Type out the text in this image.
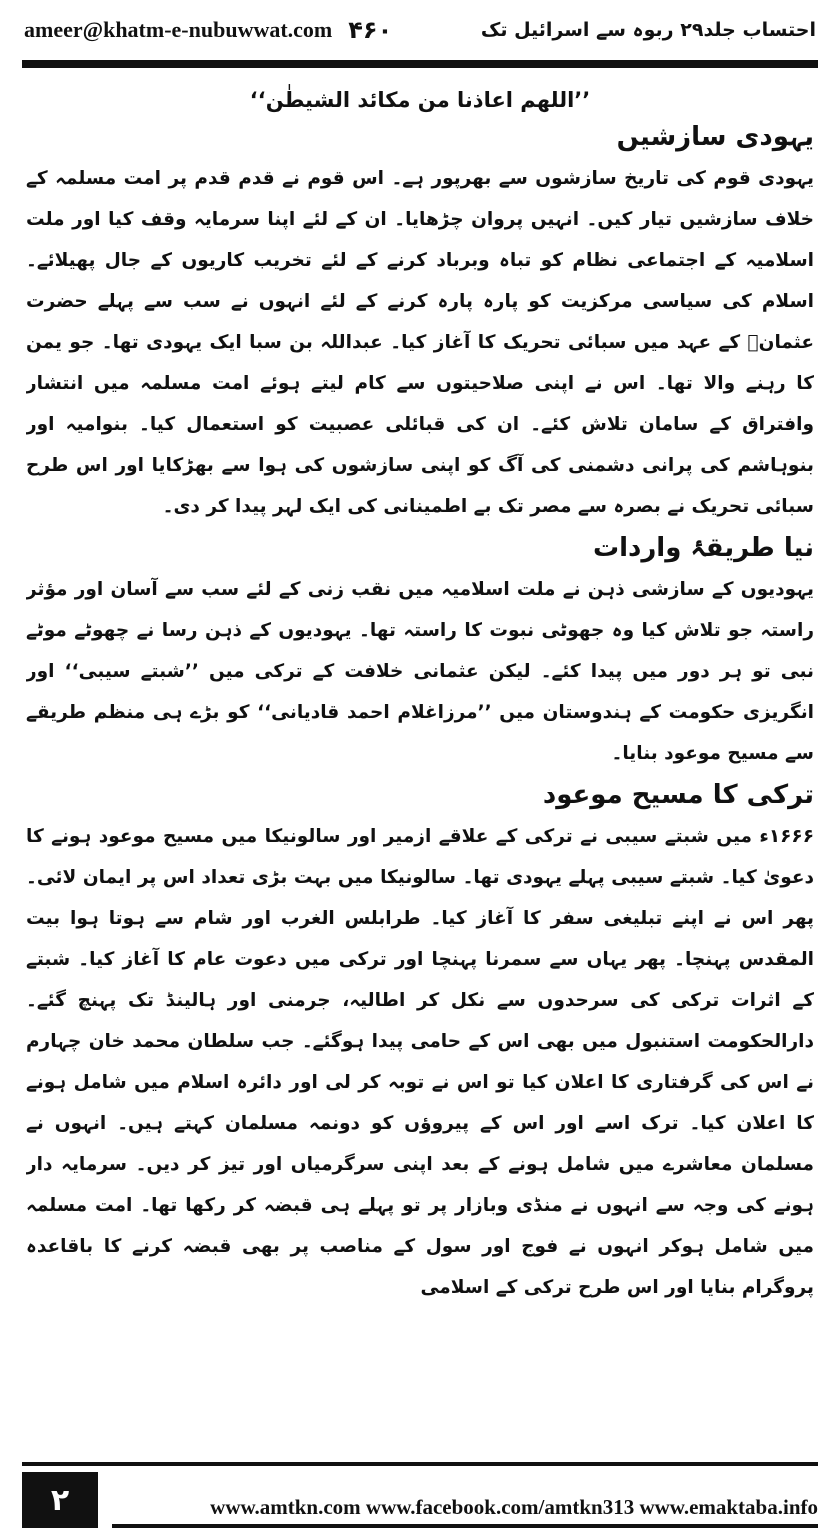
ameer@khatm-e-nubuwwat.com ۴۶۰	احتساب جلد۲۹ ربوہ سے اسرائیل تک

’’اللھم اعاذنا من مکائد الشیطٰن‘‘

یہودی سازشیں

یہودی قوم کی تاریخ سازشوں سے بھرپور ہے۔ اس قوم نے قدم قدم پر امت مسلمہ کے خلاف سازشیں تیار کیں۔ انہیں پروان چڑھایا۔ ان کے لئے اپنا سرمایہ وقف کیا اور ملت اسلامیہ کے اجتماعی نظام کو تباہ وبرباد کرنے کے لئے تخریب کاریوں کے جال پھیلائے۔ اسلام کی سیاسی مرکزیت کو پارہ پارہ کرنے کے لئے انہوں نے سب سے پہلے حضرت عثمانؓ کے عہد میں سبائی تحریک کا آغاز کیا۔ عبداللہ بن سبا ایک یہودی تھا۔ جو یمن کا رہنے والا تھا۔ اس نے اپنی صلاحیتوں سے کام لیتے ہوئے امت مسلمہ میں انتشار وافتراق کے سامان تلاش کئے۔ ان کی قبائلی عصبیت کو استعمال کیا۔ بنوامیہ اور بنوہاشم کی پرانی دشمنی کی آگ کو اپنی سازشوں کی ہوا سے بھڑکایا اور اس طرح سبائی تحریک نے بصرہ سے مصر تک بے اطمینانی کی ایک لہر پیدا کر دی۔

نیا طریقۂ واردات

یہودیوں کے سازشی ذہن نے ملت اسلامیہ میں نقب زنی کے لئے سب سے آسان اور مؤثر راستہ جو تلاش کیا وہ جھوٹی نبوت کا راستہ تھا۔ یہودیوں کے ذہن رسا نے چھوٹے موٹے نبی تو ہر دور میں پیدا کئے۔ لیکن عثمانی خلافت کے ترکی میں ’’شبتے سیبی‘‘ اور انگریزی حکومت کے ہندوستان میں ’’مرزاغلام احمد قادیانی‘‘ کو بڑے ہی منظم طریقے سے مسیح موعود بنایا۔

ترکی کا مسیح موعود

۱۶۶۶ء میں شبتے سیبی نے ترکی کے علاقے ازمیر اور سالونیکا میں مسیح موعود ہونے کا دعویٰ کیا۔ شبتے سیبی پہلے یہودی تھا۔ سالونیکا میں بہت بڑی تعداد اس پر ایمان لائی۔ پھر اس نے اپنے تبلیغی سفر کا آغاز کیا۔ طرابلس الغرب اور شام سے ہوتا ہوا بیت المقدس پہنچا۔ پھر یہاں سے سمرنا پہنچا اور ترکی میں دعوت عام کا آغاز کیا۔ شبتے کے اثرات ترکی کی سرحدوں سے نکل کر اطالیہ، جرمنی اور ہالینڈ تک پہنچ گئے۔ دارالحکومت استنبول میں بھی اس کے حامی پیدا ہوگئے۔ جب سلطان محمد خان چہارم نے اس کی گرفتاری کا اعلان کیا تو اس نے توبہ کر لی اور دائرہ اسلام میں شامل ہونے کا اعلان کیا۔ ترک اسے اور اس کے پیروؤں کو دونمہ مسلمان کہتے ہیں۔ انہوں نے مسلمان معاشرے میں شامل ہونے کے بعد اپنی سرگرمیاں اور تیز کر دیں۔ سرمایہ دار ہونے کی وجہ سے انہوں نے منڈی وبازار پر تو پہلے ہی قبضہ کر رکھا تھا۔ امت مسلمہ میں شامل ہوکر انہوں نے فوج اور سول کے مناصب پر بھی قبضہ کرنے کا باقاعدہ پروگرام بنایا اور اس طرح ترکی کے اسلامی

۲	www.amtkn.com www.facebook.com/amtkn313 www.emaktaba.info
